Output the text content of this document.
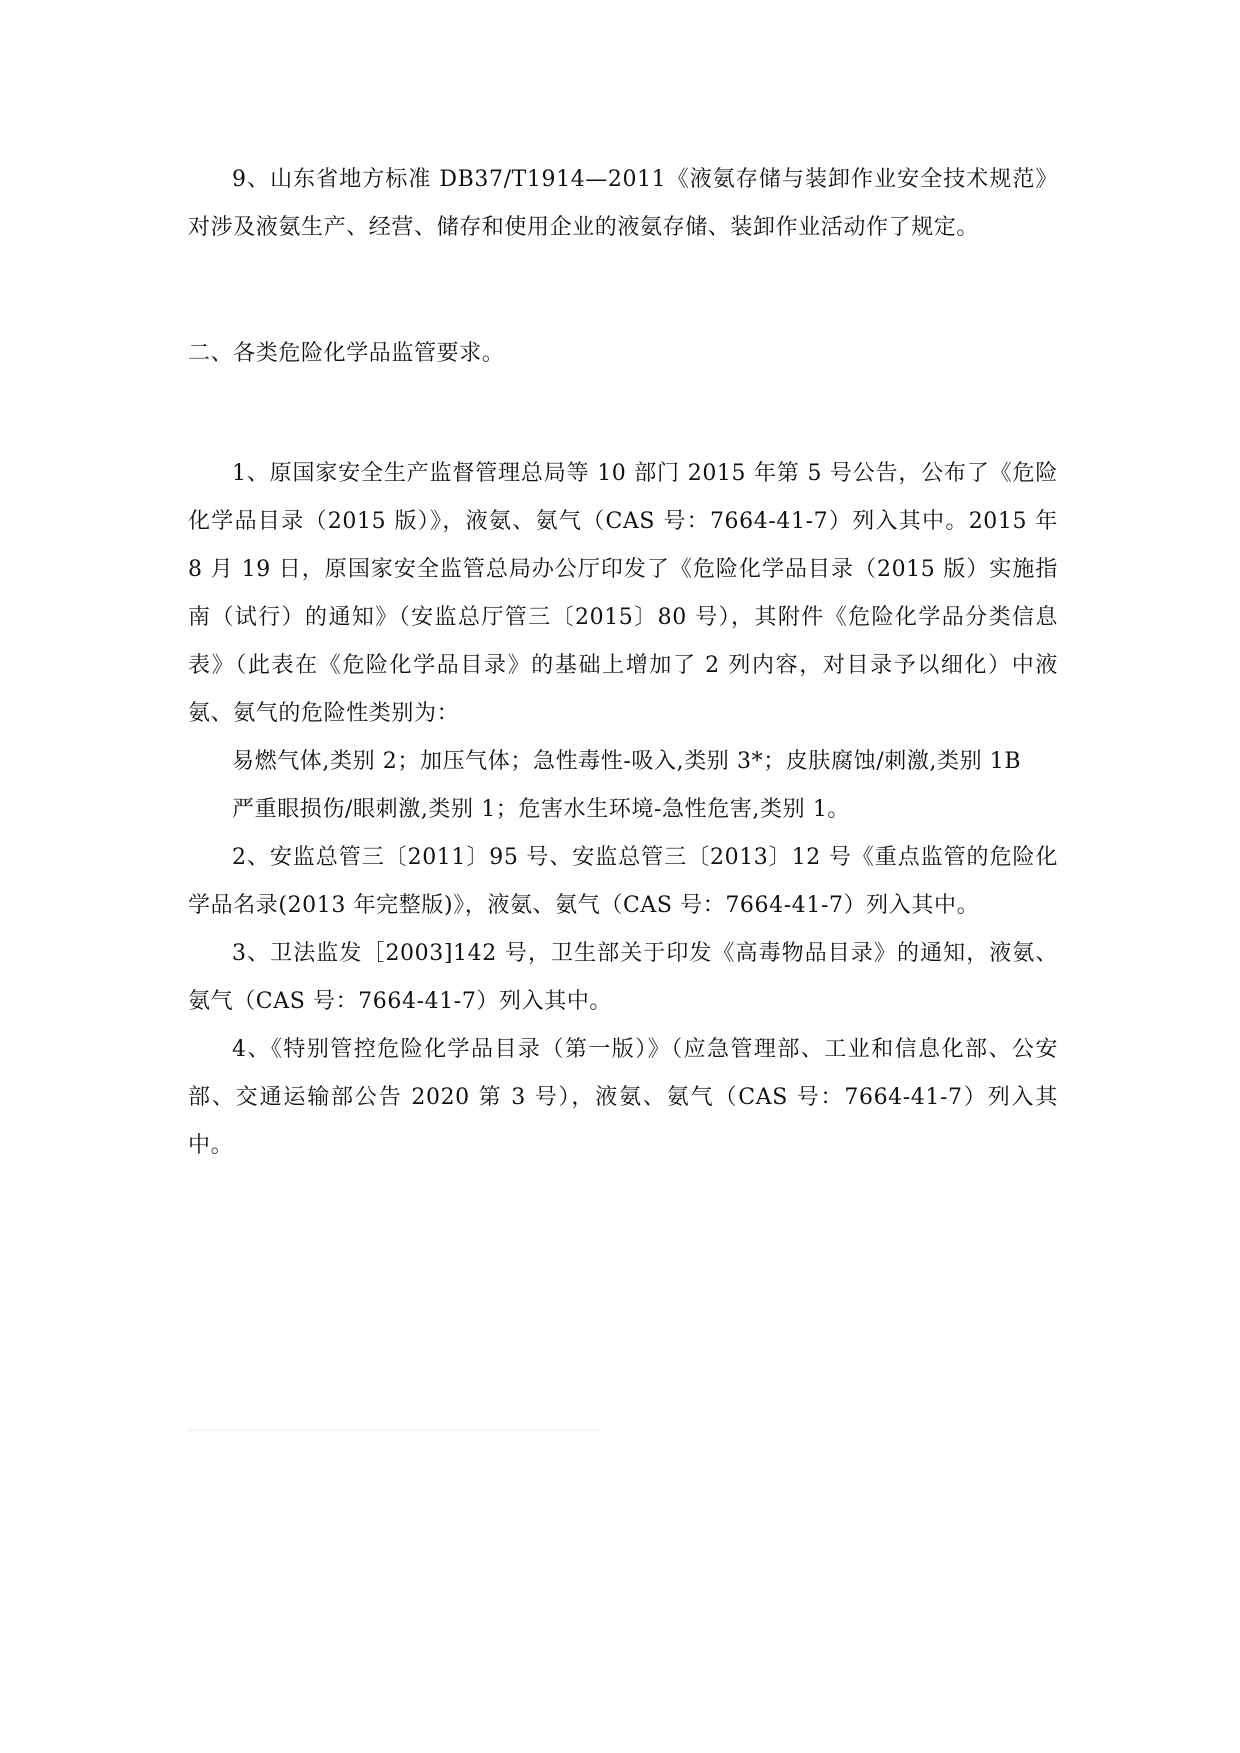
9、山东省地方标准 DB37/T1914—2011《液氨存储与装卸作业安全技术规范》对涉及液氨生产、经营、储存和使用企业的液氨存储、装卸作业活动作了规定。

二、各类危险化学品监管要求。

1、原国家安全生产监督管理总局等 10 部门 2015 年第 5 号公告，公布了《危险化学品目录（2015 版）》，液氨、氨气（CAS 号：7664-41-7）列入其中。2015 年 8 月 19 日，原国家安全监管总局办公厅印发了《危险化学品目录（2015 版）实施指南（试行）的通知》（安监总厅管三〔2015〕80 号），其附件《危险化学品分类信息表》（此表在《危险化学品目录》的基础上增加了 2 列内容，对目录予以细化）中液氨、氨气的危险性类别为：

易燃气体,类别 2；加压气体；急性毒性-吸入,类别 3*；皮肤腐蚀/刺激,类别 1B

严重眼损伤/眼刺激,类别 1；危害水生环境-急性危害,类别 1。

2、安监总管三〔2011〕95 号、安监总管三〔2013〕12 号《重点监管的危险化学品名录(2013 年完整版)》，液氨、氨气（CAS 号：7664-41-7）列入其中。

3、卫法监发［2003]142 号，卫生部关于印发《高毒物品目录》的通知，液氨、氨气（CAS 号：7664-41-7）列入其中。

4、《特别管控危险化学品目录（第一版）》（应急管理部、工业和信息化部、公安部、交通运输部公告 2020 第 3 号），液氨、氨气（CAS 号：7664-41-7）列入其中。
